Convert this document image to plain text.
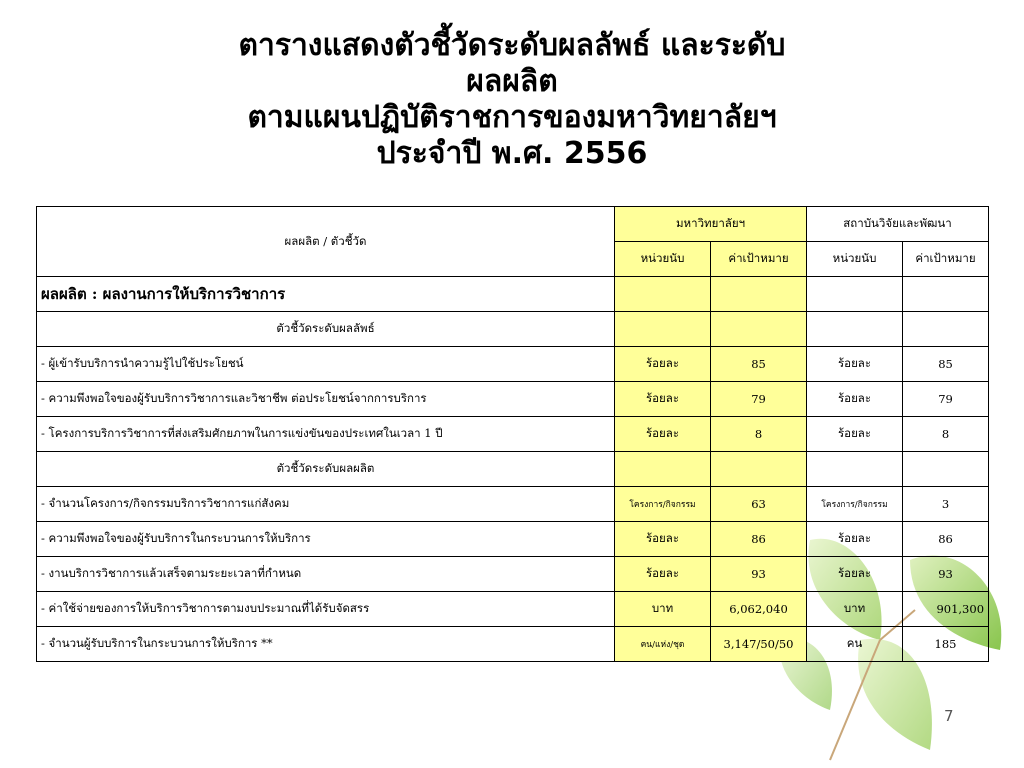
ตารางแสดงตัวชี้วัดระดับผลลัพธ์ และระดับ
ผลผลิต
ตามแผนปฏิบัติราชการของมหาวิทยาลัยฯ
ประจำปี พ.ศ. 2556
ผลผลิต / ตัวชี้วัด	มหาวิทยาลัยฯ		สถาบันวิจัยและพัฒนา	
	หน่วยนับ	ค่าเป้าหมาย	หน่วยนับ	ค่าเป้าหมาย
ผลผลิต : ผลงานการให้บริการวิชาการ				
ตัวชี้วัดระดับผลลัพธ์				
- ผู้เข้ารับบริการนำความรู้ไปใช้ประโยชน์	ร้อยละ	85	ร้อยละ	85
- ความพึงพอใจของผู้รับบริการวิชาการและวิชาชีพ ต่อประโยชน์จากการบริการ	ร้อยละ	79	ร้อยละ	79
- โครงการบริการวิชาการที่ส่งเสริมศักยภาพในการแข่งขันของประเทศในเวลา 1 ปี	ร้อยละ	8	ร้อยละ	8
ตัวชี้วัดระดับผลผลิต				
- จำนวนโครงการ/กิจกรรมบริการวิชาการแก่สังคม	โครงการ/กิจกรรม	63	โครงการ/กิจกรรม	3
- ความพึงพอใจของผู้รับบริการในกระบวนการให้บริการ	ร้อยละ	86	ร้อยละ	86
- งานบริการวิชาการแล้วเสร็จตามระยะเวลาที่กำหนด	ร้อยละ	93	ร้อยละ	93
- ค่าใช้จ่ายของการให้บริการวิชาการตามงบประมาณที่ได้รับจัดสรร	บาท	6,062,040	บาท	901,300
- จำนวนผู้รับบริการในกระบวนการให้บริการ **	คน/แห่ง/ชุด	3,147/50/50	คน	185
7
